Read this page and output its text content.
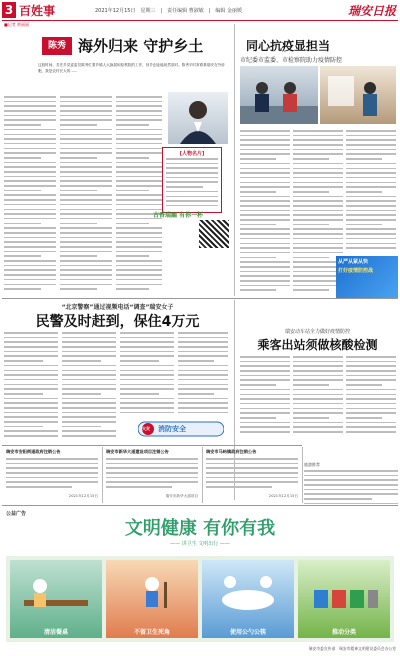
3 百姓事	2021年12月15日　星期三　|　责任编辑 曹淑敏　|　编辑 金丽媛	瑞安日报
■记者 黄丽丽
陈秀 海外归来 守护乡土
这段时间，芳庄乡党委委员陈秀忙着乡镇人大换届和检察院的工作，回乡创业能坦然面对。陈秀平时常联系瑞安在外侨胞，我是农村长大的……
[人物名片]
古香瑞幽 有你一杯
同心抗疫显担当
市纪委市监委、市检察院助力疫情防控
从严从紧从快
打好疫情防控战
“北京警察”通过视频电话“调查”瑞安女子
民警及时赶到，保住4万元
火灾 消防安全
瑞安动车站全力做好疫情防控
乘客出站须做核酸检测
瑞安市安阳街道政府注销公告
2021年12月15日
瑞安市新华大道建设项目注销公告
瑞安市新华大道项目
瑞安市马屿镇政府注销公告
2021年12月15日
旅游推荐
公益广告
文明健康 有你有我
—— 讲卫生 文明出行 ——
清洁餐桌	不留卫生死角	使用公勺公筷	推动分类
瑞安市委宣传部　瑞安市精神文明建设委员会办公室
